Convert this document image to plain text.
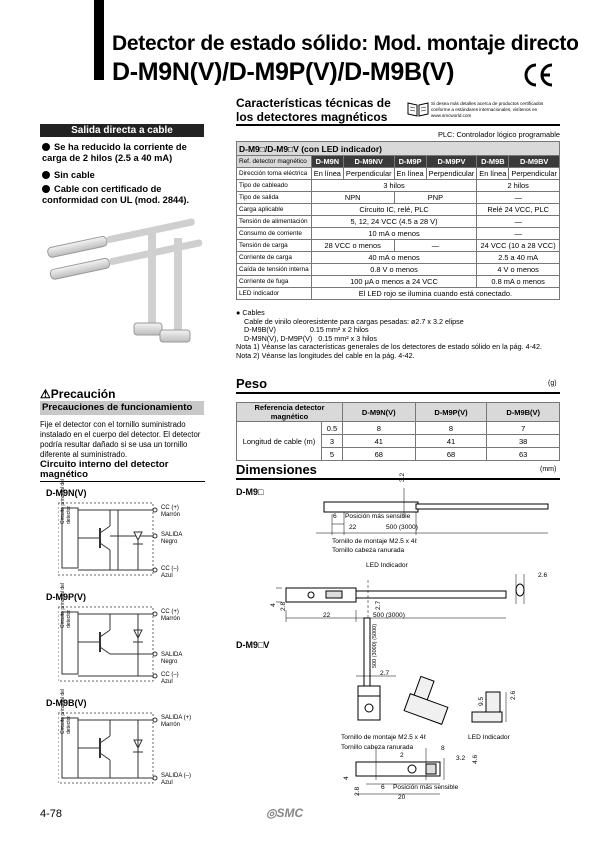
Detector de estado sólido: Mod. montaje directo
D-M9N(V)/D-M9P(V)/D-M9B(V)
Salida directa a cable
Se ha reducido la corriente de carga de 2 hilos (2.5 a 40 mA)
Sin cable
Cable con certificado de conformidad con UL (mod. 2844).
⚠Precaución
Precauciones de funcionamiento
Fije el detector con el tornillo suministrado instalado en el cuerpo del detector. El detector podría resultar dañado si se usa un tornillo diferente al suministrado.
Circuito interno del detector magnético
D-M9N(V)
Circuito principal del detector	CC (+)
Marrón
SALIDA
Negro
CC (–)
Azul
D-M9P(V)
Circuito principal del detector	CC (+)
Marrón
SALIDA
Negro
CC (–)
Azul
D-M9B(V)
Circuito principal del detector	SALIDA (+)
Marrón
SALIDA (–)
Azul
Características técnicas de los detectores magnéticos
Si desea más detalles acerca de productos certificados conforme a estándares internacionales, visítenos en www.smcworld.com
PLC: Controlador lógico programable
D-M9□/D-M9□V (con LED indicador)						
Ref. detector magnético	D-M9N	D-M9NV	D-M9P	D-M9PV	D-M9B	D-M9BV
Dirección toma eléctrica	En línea	Perpendicular	En línea	Perpendicular	En línea	Perpendicular
Tipo de cableado	3 hilos				2 hilos	
Tipo de salida	NPN		PNP		—	
Carga aplicable	Circuito IC, relé, PLC				Relé 24 VCC, PLC	
Tensión de alimentación	5, 12, 24 VCC (4.5 a 28 V)				—	
Consumo de corriente	10 mA o menos				—	
Tensión de carga	28 VCC o menos		—		24 VCC (10 a 28 VCC)	
Corriente de carga	40 mA o menos				2.5 a 40 mA	
Caída de tensión interna	0.8 V o menos				4 V o menos	
Corriente de fuga	100 μA o menos a 24 VCC				0.8 mA o menos	
LED indicador	El LED rojo se ilumina cuando está conectado.					
● Cables
Cable de vinilo oleoresistente para cargas pesadas: ø2.7 x 3.2 elipse
D-M9B(V)                 0.15 mm² x 2 hilos
D-M9N(V), D-M9P(V)   0.15 mm² x 3 hilos
Nota 1) Véanse las características generales de los detectores de estado sólido en la pág. 4-42.
Nota 2) Véanse las longitudes del cable en la pág. 4-42.
Peso	(g)
Referencia detector magnético		D-M9N(V)	D-M9P(V)	D-M9B(V)
Longitud de cable (m)	0.5	8	8	7
	3	41	41	38
	5	68	68	63
Dimensiones	(mm)
D-M9□
D-M9□V
3.2
6 Posición más sensible
22	500 (3000)
Tornillo de montaje M2.5 x 4ℓ
Tornillo cabeza ranurada
LED Indicador
2.6
4 2.8	2.7
22	500 (3000)
500 (3000) (5000)
2.7
9.5
2.6
Tornillo de montaje M2.5 x 4ℓ	LED Indicador
Tornillo cabeza ranurada
2
8
3.2 4.6
4
2.8	6 Posición más sensible
20
4-78	◎SMC
